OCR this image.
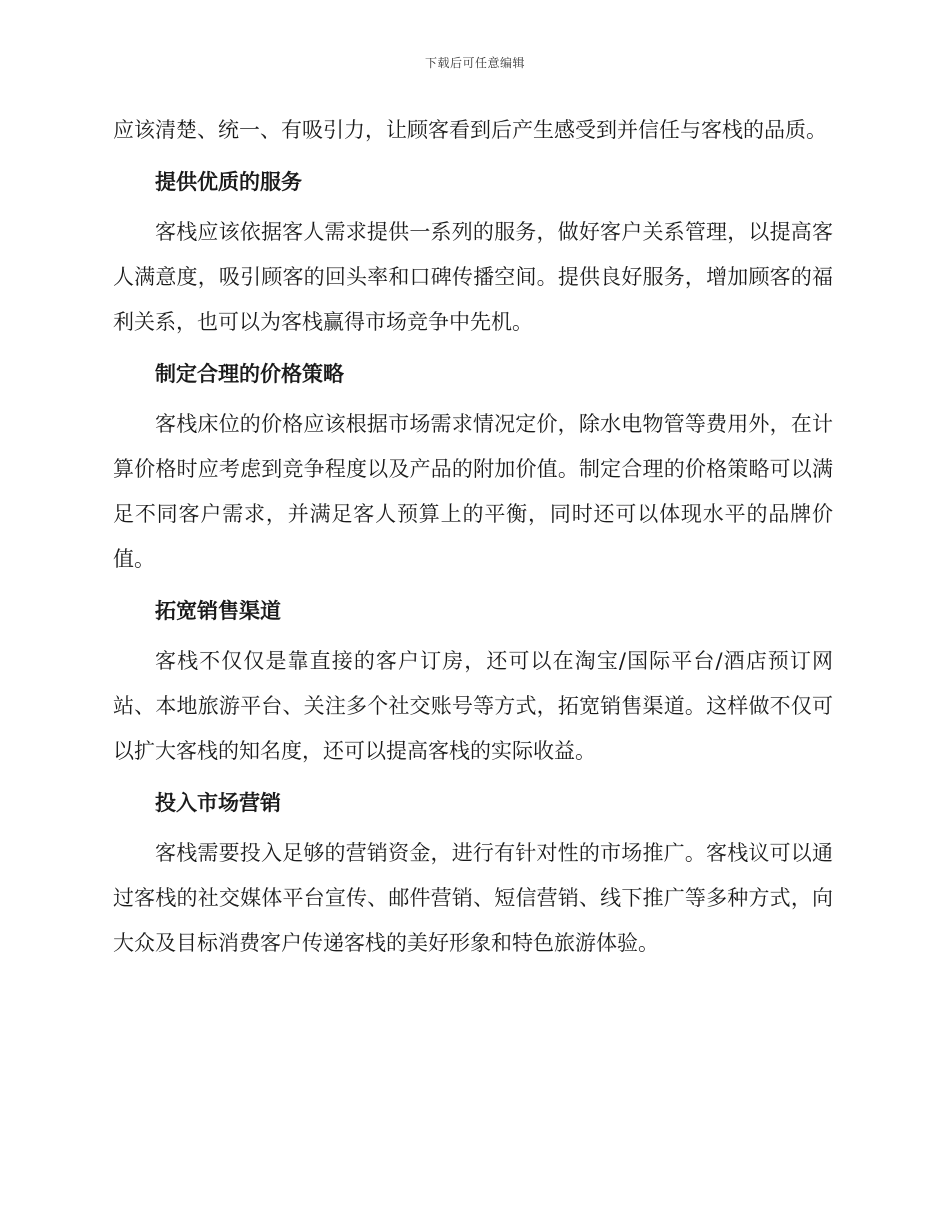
下载后可任意编辑

应该清楚、统一、有吸引力，让顾客看到后产生感受到并信任与客栈的品质。

提供优质的服务

客栈应该依据客人需求提供一系列的服务，做好客户关系管理，以提高客人满意度，吸引顾客的回头率和口碑传播空间。提供良好服务，增加顾客的福利关系，也可以为客栈赢得市场竞争中先机。

制定合理的价格策略

客栈床位的价格应该根据市场需求情况定价，除水电物管等费用外，在计算价格时应考虑到竞争程度以及产品的附加价值。制定合理的价格策略可以满足不同客户需求，并满足客人预算上的平衡，同时还可以体现水平的品牌价值。

拓宽销售渠道

客栈不仅仅是靠直接的客户订房，还可以在淘宝/国际平台/酒店预订网站、本地旅游平台、关注多个社交账号等方式，拓宽销售渠道。这样做不仅可以扩大客栈的知名度，还可以提高客栈的实际收益。

投入市场营销

客栈需要投入足够的营销资金，进行有针对性的市场推广。客栈议可以通过客栈的社交媒体平台宣传、邮件营销、短信营销、线下推广等多种方式，向大众及目标消费客户传递客栈的美好形象和特色旅游体验。
